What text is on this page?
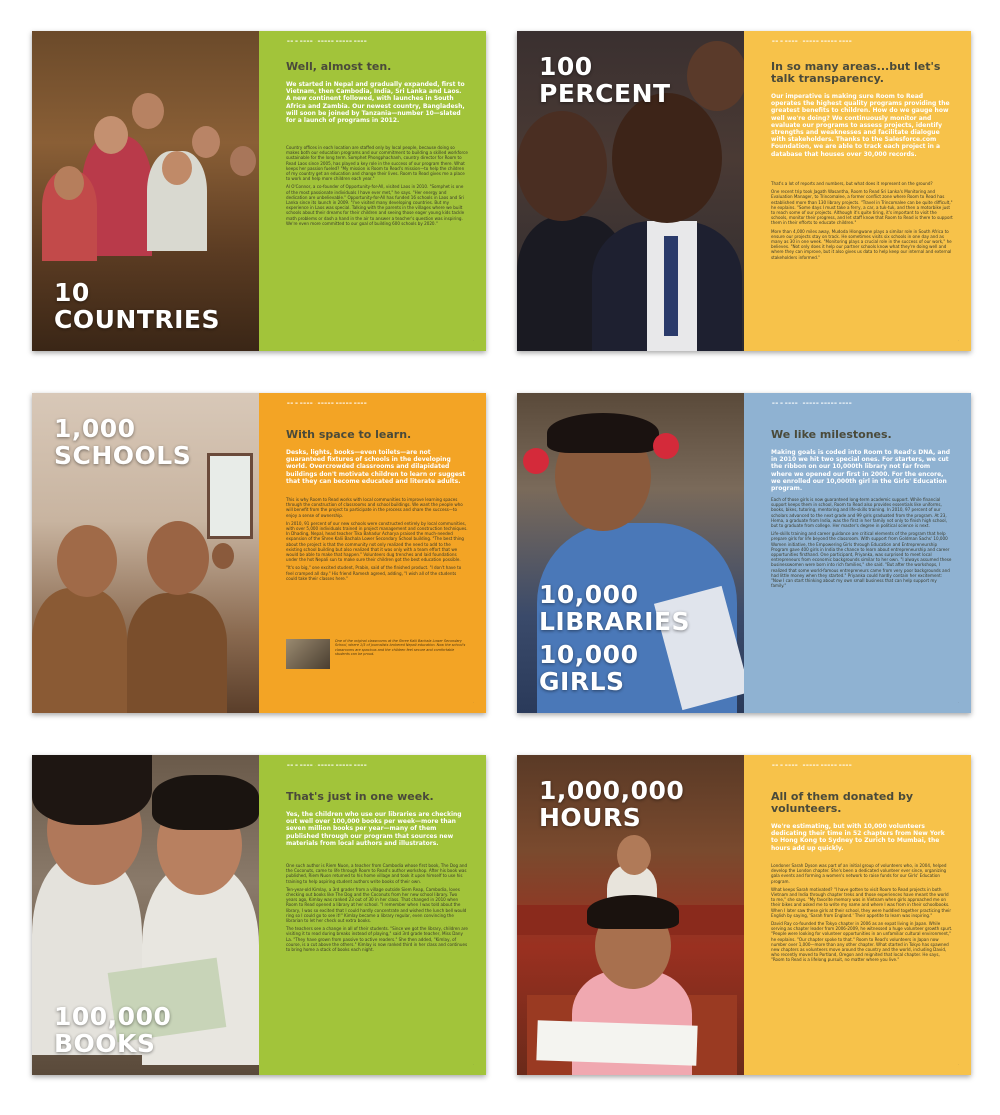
10
COUNTRIES
▬▬ ▬ ▬▬▬▬ · ▬▬▬▬▬ ▬▬▬▬▬ ▬▬▬▬
Well, almost ten.

We started in Nepal and gradually expanded, first to Vietnam, then Cambodia, India, Sri Lanka and Laos. A new continent followed, with launches in South Africa and Zambia. Our newest country, Bangladesh, will soon be joined by Tanzania—number 10—slated for a launch of programs in 2012.

Country offices in each location are staffed only by local people, because doing so makes both our education programs and our commitment to building a skilled workforce sustainable for the long term. Somphet Phongphachanh, country director for Room to Read Laos since 2005, has played a key role in the success of our program there. What keeps her passion fueled? "My mission is Room to Read's mission—to help the children of my country get an education and change their lives. Room to Read gives me a place to work and help more children each year."

Al O'Connor, a co-founder of Opportunity-for-All, visited Laos in 2010. "Somphet is one of the most passionate individuals I have ever met," he says. "Her energy and dedication are unbelievable." Opportunity-for-All has funded 16 schools in Laos and Sri Lanka since its launch in 2009. "I've visited many developing countries. But my experience in Laos was special. Talking with the parents in the villages where we built schools about their dreams for their children and seeing those eager young kids tackle math problems or dash a hand in the air to answer a teacher's question was inspiring. We're even more committed to our goal of building 600 schools by 2020."

·
100
PERCENT
▬▬ ▬ ▬▬▬▬ · ▬▬▬▬▬ ▬▬▬▬▬ ▬▬▬▬
In so many areas...but let's talk transparency.

Our imperative is making sure Room to Read operates the highest quality programs providing the greatest benefits to children. How do we gauge how well we're doing? We continuously monitor and evaluate our programs to assess projects, identify strengths and weaknesses and facilitate dialogue with stakeholders. Thanks to the Salesforce.com Foundation, we are able to track each project in a database that houses over 30,000 records.

That's a lot of reports and numbers, but what does it represent on the ground?

One recent trip took Jagath Wasantha, Room to Read Sri Lanka's Monitoring and Evaluation Manager, to Trincomalee, a former conflict zone where Room to Read has established more than 130 library projects. "Travel in Trincomalee can be quite difficult," he explains. "Some days I must take a ferry, a car, a tuk-tuk, and then a motorbike just to reach some of our projects. Although it's quite tiring, it's important to visit the schools, monitor their progress, and let staff know that Room to Read is there to support them in their efforts to educate children."

More than 4,000 miles away, Mudoda Hlongwane plays a similar role in South Africa to ensure our projects stay on track. He sometimes visits six schools in one day and as many as 30 in one week. "Monitoring plays a crucial role in the success of our work," he believes. "Not only does it help our partner schools know what they're doing well and where they can improve, but it also gives us data to help keep our internal and external stakeholders informed."

·
1,000
SCHOOLS
▬▬ ▬ ▬▬▬▬ · ▬▬▬▬▬ ▬▬▬▬▬ ▬▬▬▬
With space to learn.

Desks, lights, books—even toilets—are not guaranteed fixtures of schools in the developing world. Overcrowded classrooms and dilapidated buildings don't motivate children to learn or suggest that they can become educated and literate adults.

This is why Room to Read works with local communities to improve learning spaces through the construction of classrooms and school buildings. We want the people who will benefit from the project to participate in the process and share the success—to enjoy a sense of ownership.

In 2010, 91 percent of our new schools were constructed entirely by local communities, with over 5,000 individuals trained in project management and construction techniques. In Dhading, Nepal, head teacher Tika Bahadur Acharya praised the much-needed expansion of the Shree Kalii Bachala Lower Secondary School building. "The best thing about the project is that the community not only realized the need to add to the existing school building but also realized that it was only with a team effort that we would be able to make that happen." Volunteers dug trenches and laid foundations under the hot Nepali sun to make sure their children got the best education possible.

"It's so big," one excited student, Prabin, said of the finished product. "I don't have to feel cramped all day." His friend Ramesh agreed, adding, "I wish all of the students could take their classes here."

One of the original classrooms at the Shree Kalii Bachala Lower Secondary School, where 1/3 of journalists brokered Nepali education. Now the school's classrooms are spacious and the children feel secure and comfortable students can be proud.
·
10,000
LIBRARIES
10,000
GIRLS
▬▬ ▬ ▬▬▬▬ · ▬▬▬▬▬ ▬▬▬▬▬ ▬▬▬▬
We like milestones.

Making goals is coded into Room to Read's DNA, and in 2010 we hit two special ones. For starters, we cut the ribbon on our 10,000th library not far from where we opened our first in 2000. For the encore, we enrolled our 10,000th girl in the Girls' Education program.

Each of those girls is now guaranteed long-term academic support. While financial support keeps them in school, Room to Read also provides essentials like uniforms, books, bikes, tutoring, mentoring and life-skills training. In 2010, 97 percent of our scholars advanced to the next grade and 99 girls graduated from the program. At 23, Hema, a graduate from India, was the first in her family not only to finish high school, but to graduate from college. Her master's degree in political science is next.

Life-skills training and career guidance are critical elements of the program that help prepare girls for life beyond the classroom. With support from Goldman Sachs' 10,000 Women initiative, the Empowering Girls through Education and Entrepreneurship Program gave 400 girls in India the chance to learn about entrepreneurship and career opportunities firsthand. One participant, Priyanka, was surprised to meet local entrepreneurs from economic backgrounds similar to her own. "I always assumed these businesswomen were born into rich families," she said. "But after the workshops, I realized that some world-famous entrepreneurs came from very poor backgrounds and had little money when they started." Priyanka could hardly contain her excitement: "Now I can start thinking about my own small business that can help support my family."

·
100,000
BOOKS
▬▬ ▬ ▬▬▬▬ · ▬▬▬▬▬ ▬▬▬▬▬ ▬▬▬▬
That's just in one week.

Yes, the children who use our libraries are checking out well over 100,000 books per week—more than seven million books per year—many of them published through our program that sources new materials from local authors and illustrators.

One such author is Riem Nuon, a teacher from Cambodia whose first book, The Dog and the Coconuts, came to life through Room to Read's author workshop. After his book was published, Riem Nuon returned to his home village and took it upon himself to use his training to help aspiring student authors write books of their own.

Ten-year-old Kimlay, a 3rd grader from a village outside Siem Reap, Cambodia, loves checking out books like The Dog and the Coconuts from her new school library. Two years ago, Kimlay was ranked 23 out of 30 in her class. That changed in 2010 when Room to Read opened a library at her school. "I remember when I was told about the library, I was so excited that I could hardly concentrate and wished the lunch bell would ring so I could go to see it!" Kimlay became a library regular, even convincing the librarian to let her check out extra books.

The teachers see a change in all of their students. "Since we got the library, children are visiting it to read during breaks instead of playing," said 3rd grade teacher, Miss Dany La. "They have grown from passive to active readers." She then added, "Kimlay, of course, is a cut above the others." Kimlay is now ranked third in her class and continues to bring home a stack of books each night.

·
1,000,000
HOURS
▬▬ ▬ ▬▬▬▬ · ▬▬▬▬▬ ▬▬▬▬▬ ▬▬▬▬
All of them donated by volunteers.

We're estimating, but with 10,000 volunteers dedicating their time in 52 chapters from New York to Hong Kong to Sydney to Zurich to Mumbai, the hours add up quickly.

Londoner Sarah Dyson was part of an initial group of volunteers who, in 2004, helped develop the London chapter. She's been a dedicated volunteer ever since, organizing gala events and forming a women's network to raise funds for our Girls' Education program.

What keeps Sarah motivated? "I have gotten to visit Room to Read projects in both Vietnam and India through chapter treks and those experiences have meant the world to me," she says. "My favorite memory was in Vietnam when girls approached me on their bikes and asked me to write my name and where I was from in their schoolbooks. When I later saw these girls at their school, they were huddled together practicing their English by saying, 'Sarah from England.' Their appetite to learn was inspiring."

David Ray co-founded the Tokyo chapter in 2006 as an expat living in Japan. While serving as chapter leader from 2006-2009, he witnessed a huge volunteer growth spurt. "People were looking for volunteer opportunities in an unfamiliar cultural environment," he explains. "Our chapter spoke to that." Room to Read's volunteers in Japan now number over 1,000—more than any other chapter. What started in Tokyo has spawned new chapters as volunteers move around the country and the world, including David, who recently moved to Portland, Oregon and reignited that local chapter. He says, "Room to Read is a lifelong pursuit, no matter where you live."

·
